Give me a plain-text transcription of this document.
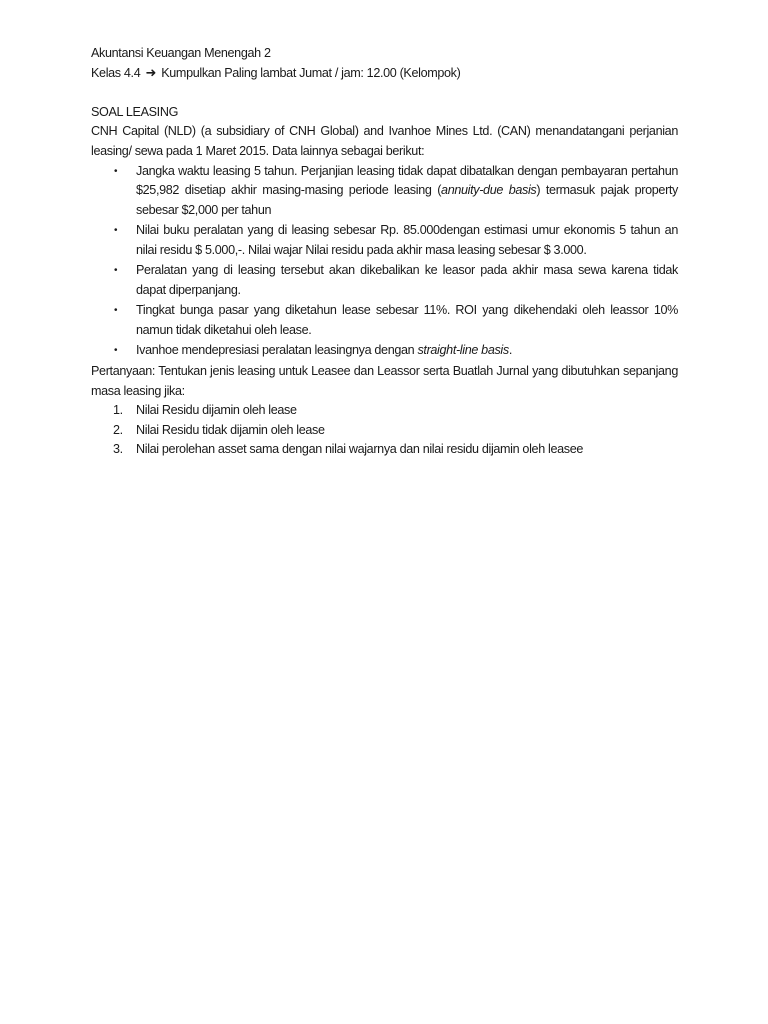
Akuntansi Keuangan Menengah 2

Kelas 4.4 ➜ Kumpulkan Paling lambat Jumat / jam: 12.00 (Kelompok)

SOAL LEASING

CNH Capital (NLD) (a subsidiary of CNH Global) and Ivanhoe Mines Ltd. (CAN) menandatangani perjanian leasing/ sewa pada 1 Maret 2015. Data lainnya sebagai berikut:

• Jangka waktu leasing 5 tahun. Perjanjian leasing tidak dapat dibatalkan dengan pembayaran pertahun $25,982 disetiap akhir masing-masing periode leasing (annuity-due basis) termasuk pajak property sebesar $2,000 per tahun
• Nilai buku peralatan yang di leasing sebesar Rp. 85.000dengan estimasi umur ekonomis 5 tahun an nilai residu $ 5.000,-. Nilai wajar Nilai residu pada akhir masa leasing sebesar $ 3.000.
• Peralatan yang di leasing tersebut akan dikebalikan ke leasor pada akhir masa sewa karena tidak dapat diperpanjang.
• Tingkat bunga pasar yang diketahun lease sebesar 11%. ROI yang dikehendaki oleh leassor 10% namun tidak diketahui oleh lease.
• Ivanhoe mendepresiasi peralatan leasingnya dengan straight-line basis.

Pertanyaan: Tentukan jenis leasing untuk Leasee dan Leassor serta Buatlah Jurnal yang dibutuhkan sepanjang masa leasing jika:

1. Nilai Residu dijamin oleh lease
2. Nilai Residu tidak dijamin oleh lease
3. Nilai perolehan asset sama dengan nilai wajarnya dan nilai residu dijamin oleh leasee
